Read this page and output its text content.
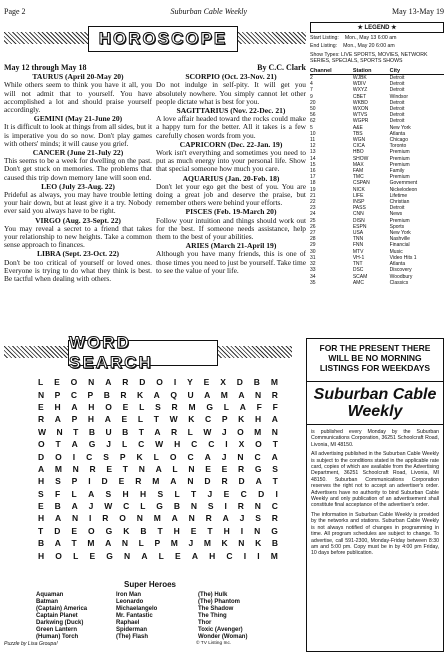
Page 2	Suburban Cable Weekly	May 13-May 19
HOROSCOPE
May 12 through May 18
TAURUS (April 20-May 20)

While others seem to think you have it all, you will not admit that to yourself. You have accomplished a lot and should praise yourself accordingly.

GEMINI (May 21-June 20)

It is difficult to look at things from all sides, but it is imperative you do so now. Don't play games with others' minds; it will cause you grief.

CANCER (June 21-July 22)

This seems to be a week for dwelling on the past. Don't get stuck on memories. The problems that caused this trip down memory lane will soon end.

LEO (July 23-Aug. 22)

Prideful as always, you may have trouble letting your hair down, but at least give it a try. Nobody ever said you always have to be right.

VIRGO (Aug. 23-Sept. 22)

You may reveal a secret to a friend that takes your relationship to new heights. Take a common sense approach to finances.

LIBRA (Sept. 23-Oct. 22)

Don't be too critical of yourself or loved ones. Everyone is trying to do what they think is best. Be tactful when dealing with others.

By C.C. Clark
SCORPIO (Oct. 23-Nov. 21)

Do not indulge in self-pity. It will get you absolutely nowhere. You simply cannot let other people dictate what is best for you.

SAGITTARIUS (Nov. 22-Dec. 21)

A love affair headed toward the rocks could make a happy turn for the better. All it takes is a few carefully chosen words from you.

CAPRICORN (Dec. 22-Jan. 19)

Work isn't everything and sometimes you need to put as much energy into your personal life. Show that special someone how much you care.

AQUARIUS (Jan. 20-Feb. 18)

Don't let your ego get the best of you. You are doing a great job and deserve the praise, but remember others were behind your efforts.

PISCES (Feb. 19-March 20)

Follow your intuition and things should work out for the best. If someone needs assistance, help them to the best of your abilities.

ARIES (March 21-April 19)

Although you have many friends, this is one of those times you need to just be yourself. Take time to see the value of your life.

★ LEGEND ★
Start Listing: Mon., May 13 6:00 am
End Listing: Mon., May 20 6:00 am
Show Types: LIVE SPORTS, MOVIES, NETWORK SERIES, SPECIALS, SPORTS SHOWS
Channel	Station	City
2	WJBK	Detroit
4	WDIV	Detroit
7	WXYZ	Detroit
9	CBET	Windsor
20	WKBD	Detroit
50	WXON	Detroit
56	WTVS	Detroit
62	WGPR	Detroit
5	A&E	New York
10	TBS	Atlanta
11	WGN	Chicago
12	CICA	Toronto
13	HBO	Premium
14	SHOW	Premium
15	MAX	Premium
16	FAM	Family
17	TMC	Premium
18	CSPAN	Government
19	NICK	Nickelodeon
21	LIFE	Lifetime
22	INSP	Christian
23	PASS	Detroit
24	CNN	News
25	DISN	Premium
26	ESPN	Sports
27	USA	New York
28	TNN	Nashville
29	FNN	Financial
30	MTV	Music
31	VH-1	Video Hits 1
32	TNT	Atlanta
33	DSC	Discovery
34	SCAM	Woodbury
35	AMC	Classics
WORD SEARCH
L E O N A R D O I Y E X D B M
N P C P B R K A Q U A M A N R
E H A H O E L S R M G L A F F
R A P H A E L T W K C P K H A
W N T B U B T A R L W J O M N
O T A G J L C W H C C I X O T
D O I C S P K L O C A J N C A
A M N R E T N A L N E E R G S
H S P I D E R M A N D R D A T
S F L A S H H S L T J E C D I
E B A J W C L G B N S I R N C
H A N I R O N M A N R A J S R
T D E O G K B T H E T H I N G
B A T M A N L P M J M K N K B
H O L E G N A L E A H C I I M
Super Heroes
Aquaman
Batman
(Captain) America
Captain Planet
Darkwing (Duck)
Green Lantern
(Human) Torch
Iron Man
Leonardo
Michaelangelo
Mr. Fantastic
Raphael
Spiderman
(The) Flash
(The) Hulk
(The) Phantom
The Shadow
The Thing
Thor
Toxic (Avenger)
Wonder (Woman)
Puzzle by Lisa Groupa!	© TV Listing Inc.
FOR THE PRESENT THERE WILL BE NO MORNING LISTINGS FOR WEEKDAYS
Suburban Cable Weekly

is published every Monday by the Suburban Communications Corporation, 36251 Schoolcraft Road, Livonia, MI 48150.

All advertising published in the Suburban Cable Weekly is subject to the conditions stated in the applicable rate card, copies of which are available from the Advertising Department, 36251 Schoolcraft Road, Livonia, MI 48150. Suburban Communications Corporation reserves the right not to accept an advertiser's order. Advertisers have no authority to bind Suburban Cable Weekly and only publication of an advertisement shall constitute final acceptance of the advertiser's order.

The information in Suburban Cable Weekly is provided by the networks and stations. Suburban Cable Weekly is not always notified of changes in programming in time. All program schedules are subject to change. To advertise, call 591-2300, Monday-Friday between 8:30 am and 5:00 pm. Copy must be in by 4:00 pm Friday, 10 days before publication.
